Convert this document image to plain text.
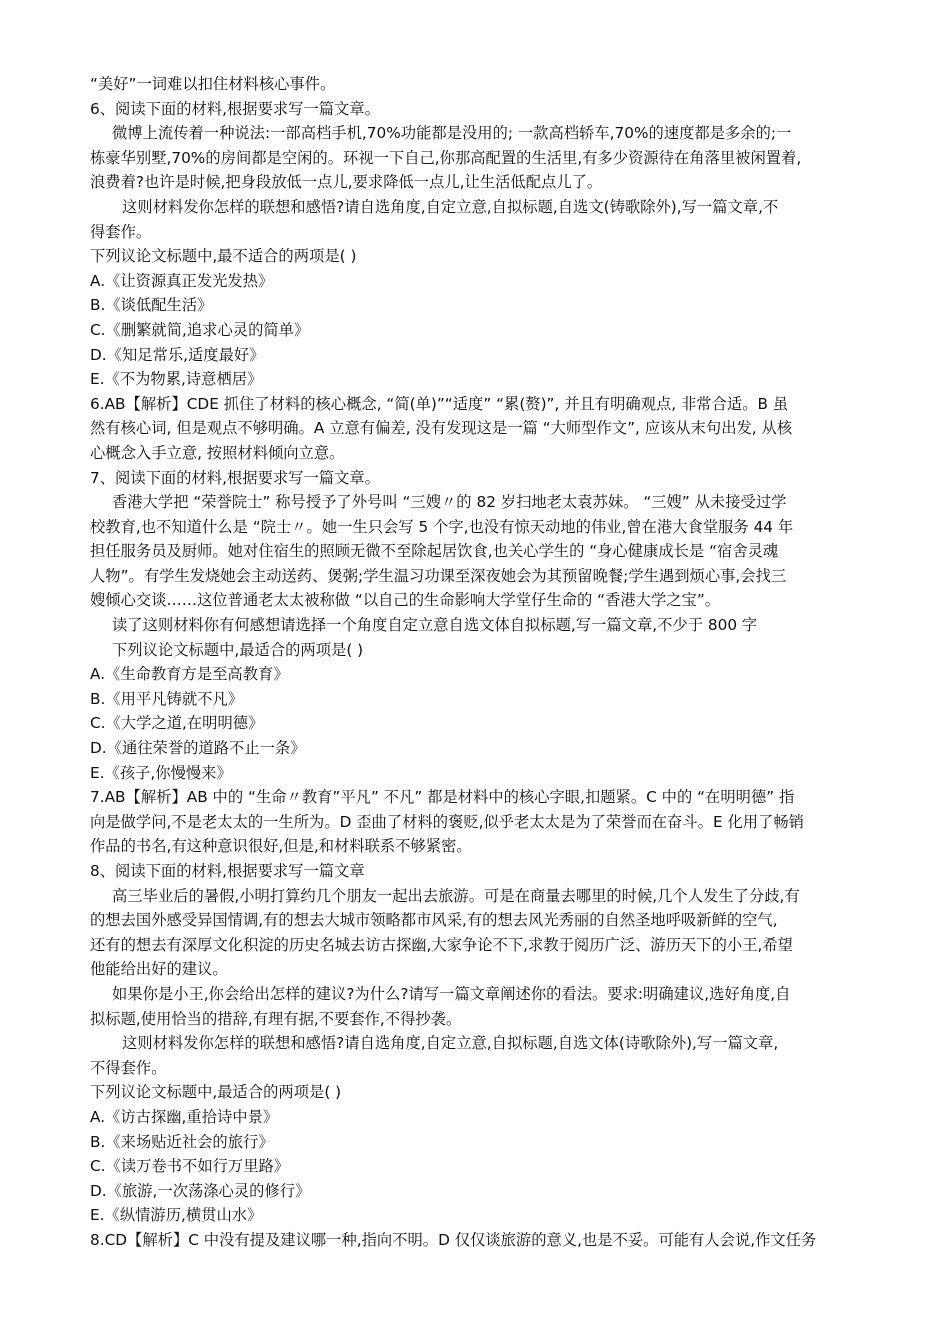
“美好”一词难以扣住材料核心事件。
6、阅读下面的材料,根据要求写一篇文章。
微博上流传着一种说法:一部高档手机,70%功能都是没用的; 一款高档轿车,70%的速度都是多余的;一
栋豪华别墅,70%的房间都是空闲的。环视一下自己,你那高配置的生活里,有多少资源待在角落里被闲置着,
浪费着?也许是时候,把身段放低一点儿,要求降低一点儿,让生活低配点儿了。
这则材料发你怎样的联想和感悟?请自选角度,自定立意,自拟标题,自选文(铸歌除外),写一篇文章,不
得套作。
下列议论文标题中,最不适合的两项是( )
A.《让资源真正发光发热》
B.《谈低配生活》
C.《删繁就简,追求心灵的简单》
D.《知足常乐,适度最好》
E.《不为物累,诗意栖居》
6.AB【解析】CDE 抓住了材料的核心概念, “简(单)”“适度” “累(赘)”, 并且有明确观点, 非常合适。B 虽
然有核心词, 但是观点不够明确。A 立意有偏差, 没有发现这是一篇 “大师型作文”, 应该从末句出发, 从核
心概念入手立意, 按照材料倾向立意。
7、阅读下面的材料,根据要求写一篇文章。
香港大学把 “荣誉院士” 称号授予了外号叫 “三嫂〃的 82 岁扫地老太袁苏妹。 “三嫂” 从未接受过学
校教育,也不知道什么是 “院士〃。她一生只会写 5 个字,也没有惊天动地的伟业,曾在港大食堂服务 44 年
担任服务员及厨师。她对住宿生的照顾无微不至除起居饮食,也关心学生的 “身心健康成长是 “宿舍灵魂
人物”。有学生发烧她会主动送药、煲粥;学生温习功课至深夜她会为其预留晚餐;学生遇到烦心事,会找三
嫂倾心交谈……这位普通老太太被称做 “以自己的生命影响大学堂仔生命的 “香港大学之宝”。
读了这则材料你有何感想请选择一个角度自定立意自选文体自拟标题,写一篇文章,不少于 800 字
下列议论文标题中,最适合的两项是( )
A.《生命教育方是至高教育》
B.《用平凡铸就不凡》
C.《大学之道,在明明德》
D.《通往荣誉的道路不止一条》
E.《孩子,你慢慢来》
7.AB【解析】AB 中的 “生命〃教育”平凡” 不凡” 都是材料中的核心字眼,扣题紧。C 中的 “在明明德” 指
向是做学问,不是老太太的一生所为。D 歪曲了材料的褒贬,似乎老太太是为了荣誉而在奋斗。E 化用了畅销
作品的书名,有这种意识很好,但是,和材料联系不够紧密。
8、阅读下面的材料,根据要求写一篇文章
高三毕业后的暑假,小明打算约几个朋友一起出去旅游。可是在商量去哪里的时候,几个人发生了分歧,有
的想去国外感受异国情调,有的想去大城市领略都市风采,有的想去风光秀丽的自然圣地呼吸新鲜的空气,
还有的想去有深厚文化积淀的历史名城去访古探幽,大家争论不下,求教于阅历广泛、游历天下的小王,希望
他能给出好的建议。
如果你是小王,你会给出怎样的建议?为什么?请写一篇文章阐述你的看法。要求:明确建议,选好角度,自
拟标题,使用恰当的措辞,有理有据,不要套作,不得抄袭。
这则材料发你怎样的联想和感悟?请自选角度,自定立意,自拟标题,自选文体(诗歌除外),写一篇文章,
不得套作。
下列议论文标题中,最适合的两项是( )
A.《访古探幽,重拾诗中景》
B.《来场贴近社会的旅行》
C.《读万卷书不如行万里路》
D.《旅游,一次荡涤心灵的修行》
E.《纵情游历,横贯山水》
8.CD【解析】C 中没有提及建议哪一种,指向不明。D 仅仅谈旅游的意义,也是不妥。可能有人会说,作文任务
